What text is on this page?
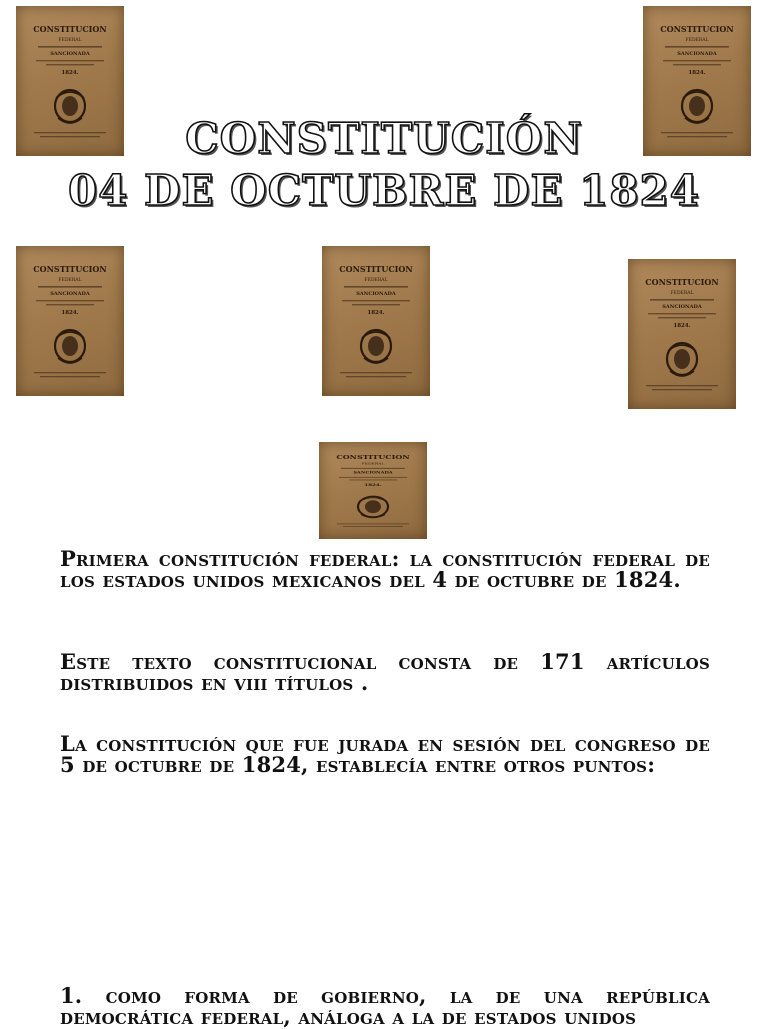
CONSTITUCION
FEDERAL
SANCIONADA
1824.
CONSTITUCION
FEDERAL
SANCIONADA
1824.
CONSTITUCION
FEDERAL
SANCIONADA
1824.
CONSTITUCION
FEDERAL
SANCIONADA
1824.
CONSTITUCION
FEDERAL
SANCIONADA
1824.
CONSTITUCION
FEDERAL
SANCIONADA
1824.
CONSTITUCIÓN
04 DE OCTUBRE DE 1824

Primera constitución federal: la constitución federal de los estados unidos mexicanos del 4 de octubre de 1824.

Este texto constitucional consta de 171 artículos distribuidos en viii títulos .

La constitución que fue jurada en sesión del congreso de 5 de octubre de 1824, establecía entre otros puntos:

1. como forma de gobierno, la de una república democrática federal, análoga a la de estados unidos
